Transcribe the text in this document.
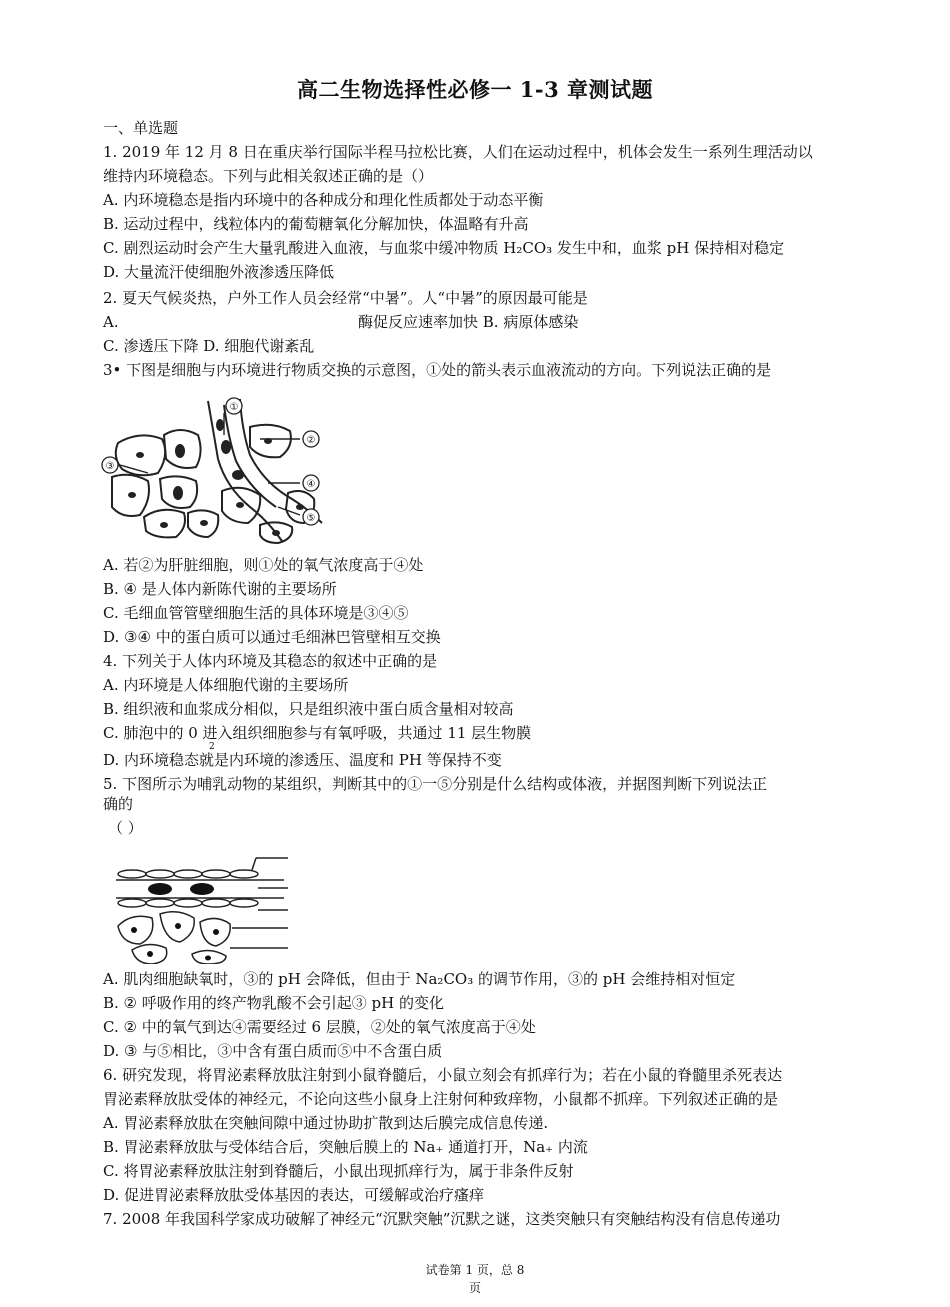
高二生物选择性必修一 1-3 章测试题
一、单选题
1. 2019 年 12 月 8 日在重庆举行国际半程马拉松比赛，人们在运动过程中，机体会发生一系列生理活动以
维持内环境稳态。下列与此相关叙述正确的是（）
A. 内环境稳态是指内环境中的各种成分和理化性质都处于动态平衡
B. 运动过程中，线粒体内的葡萄糖氧化分解加快，体温略有升高
C. 剧烈运动时会产生大量乳酸进入血液，与血浆中缓冲物质 H₂CO₃ 发生中和，血浆 pH 保持相对稳定
D. 大量流汗使细胞外液渗透压降低
2. 夏天气候炎热，户外工作人员会经常“中暑”。人“中暑”的原因最可能是
A.	酶促反应速率加快 B. 病原体感染
C. 渗透压下降 D. 细胞代谢紊乱
3• 下图是细胞与内环境进行物质交换的示意图，①处的箭头表示血液流动的方向。下列说法正确的是
①
②
③
④
⑤
A. 若②为肝脏细胞，则①处的氧气浓度高于④处
B. ④ 是人体内新陈代谢的主要场所
C. 毛细血管管壁细胞生活的具体环境是③④⑤
D. ③④ 中的蛋白质可以通过毛细淋巴管壁相互交换
4. 下列关于人体内环境及其稳态的叙述中正确的是
A. 内环境是人体细胞代谢的主要场所
B. 组织液和血浆成分相似，只是组织液中蛋白质含量相对较高
C. 肺泡中的 0 进入组织细胞参与有氧呼吸，共通过 11 层生物膜
2
D. 内环境稳态就是内环境的渗透压、温度和 PH 等保持不变
5. 下图所示为哺乳动物的某组织，判断其中的①一⑤分别是什么结构或体液，并据图判断下列说法正
确的
（ ）
A. 肌肉细胞缺氧时，③的 pH 会降低，但由于 Na₂CO₃ 的调节作用，③的 pH 会维持相对恒定
B. ② 呼吸作用的终产物乳酸不会引起③ pH 的变化
C. ② 中的氧气到达④需要经过 6 层膜，②处的氧气浓度高于④处
D. ③ 与⑤相比，③中含有蛋白质而⑤中不含蛋白质
6. 研究发现，将胃泌素释放肽注射到小鼠脊髓后，小鼠立刻会有抓痒行为；若在小鼠的脊髓里杀死表达
胃泌素释放肽受体的神经元，不论向这些小鼠身上注射何种致痒物，小鼠都不抓痒。下列叙述正确的是
A. 胃泌素释放肽在突触间隙中通过协助扩散到达后膜完成信息传递.
B. 胃泌素释放肽与受体结合后，突触后膜上的 Na₊ 通道打开，Na₊ 内流
C. 将胃泌素释放肽注射到脊髓后，小鼠出现抓痒行为，属于非条件反射
D. 促进胃泌素释放肽受体基因的表达，可缓解或治疗瘙痒
7. 2008 年我国科学家成功破解了神经元“沉默突触”沉默之谜，这类突触只有突触结构没有信息传递功
试卷第 1 页，总 8
页
